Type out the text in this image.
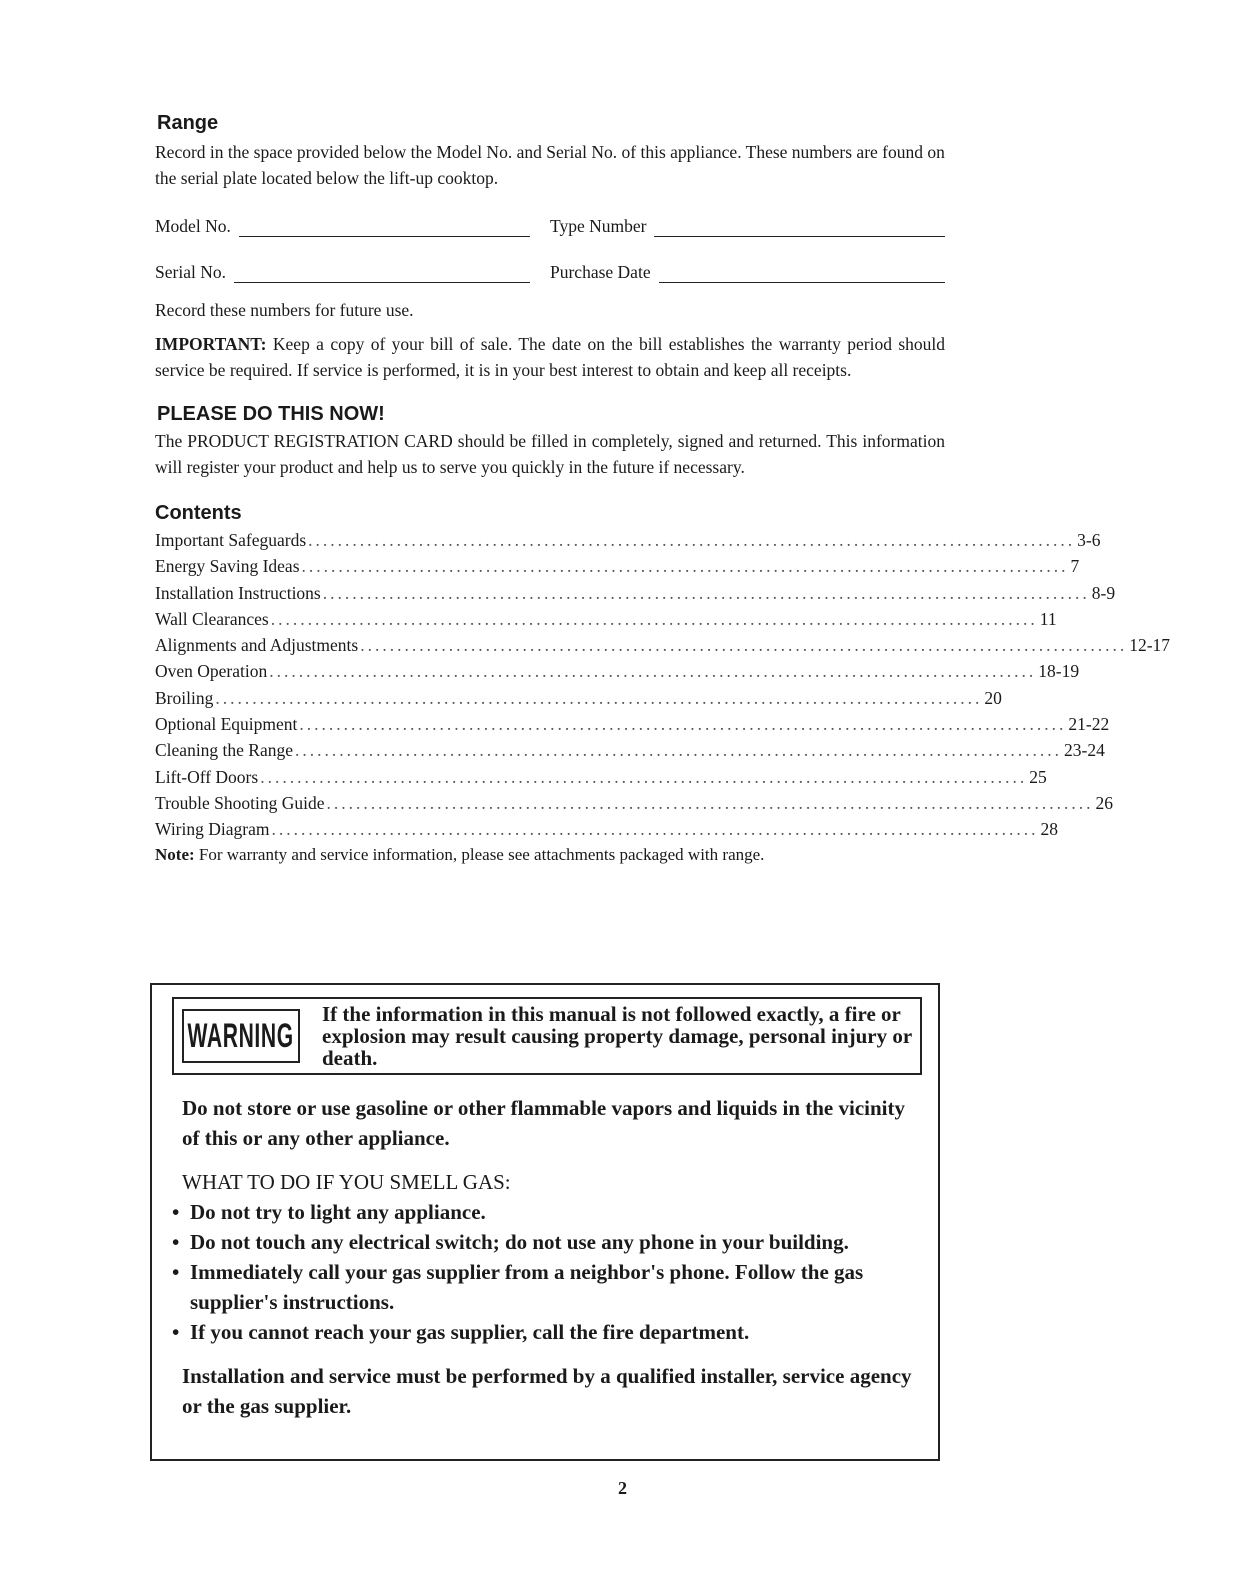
Range

Record in the space provided below the Model No. and Serial No. of this appliance. These numbers are found on the serial plate located below the lift-up cooktop.

Model No.	Type Number
Serial No.	Purchase Date

Record these numbers for future use.

IMPORTANT: Keep a copy of your bill of sale. The date on the bill establishes the warranty period should service be required. If service is performed, it is in your best interest to obtain and keep all receipts.

PLEASE DO THIS NOW!

The PRODUCT REGISTRATION CARD should be filled in completely, signed and returned. This information will register your product and help us to serve you quickly in the future if necessary.

Contents
Important Safeguards ........................................................................................................ 3-6
Energy Saving Ideas ........................................................................................................ 7
Installation Instructions ........................................................................................................ 8-9
Wall Clearances ........................................................................................................ 11
Alignments and Adjustments ........................................................................................................ 12-17
Oven Operation ........................................................................................................ 18-19
Broiling ........................................................................................................ 20
Optional Equipment ........................................................................................................ 21-22
Cleaning the Range ........................................................................................................ 23-24
Lift-Off Doors ........................................................................................................ 25
Trouble Shooting Guide ........................................................................................................ 26
Wiring Diagram ........................................................................................................ 28
Note: For warranty and service information, please see attachments packaged with range.
WARNING
If the information in this manual is not followed exactly, a fire or explosion may result causing property damage, personal injury or death.

Do not store or use gasoline or other flammable vapors and liquids in the vicinity of this or any other appliance.

WHAT TO DO IF YOU SMELL GAS:

• Do not try to light any appliance.
• Do not touch any electrical switch; do not use any phone in your building.
• Immediately call your gas supplier from a neighbor's phone. Follow the gas supplier's instructions.
• If you cannot reach your gas supplier, call the fire department.

Installation and service must be performed by a qualified installer, service agency or the gas supplier.

2
